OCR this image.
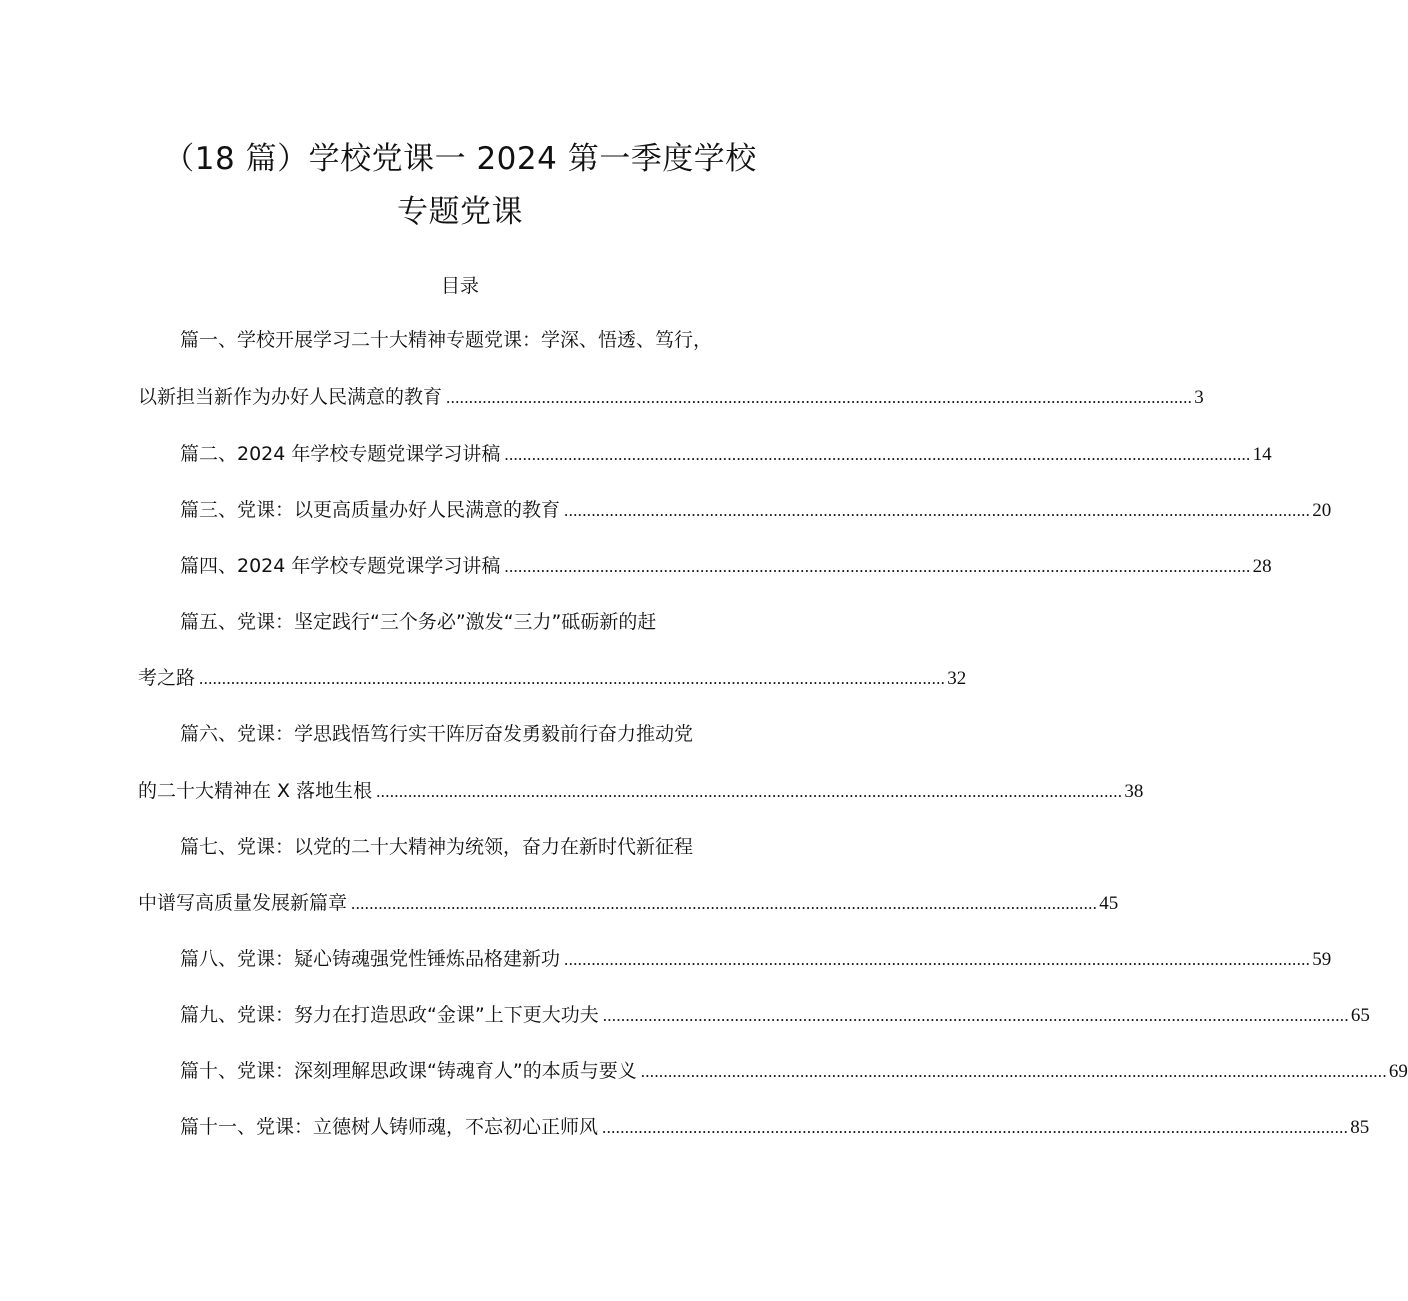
（18 篇）学校党课一 2024 第一季度学校
专题党课
目录
篇一、学校开展学习二十大精神专题党课：学深、悟透、笃行，
以新担当新作为办好人民满意的教育 .................................................................................................................................................................... 3
篇二、2024 年学校专题党课学习讲稿 .................................................................................................................................................................... 14
篇三、党课：以更高质量办好人民满意的教育 .................................................................................................................................................................... 20
篇四、2024 年学校专题党课学习讲稿 .................................................................................................................................................................... 28
篇五、党课：坚定践行“三个务必”激发“三力”砥砺新的赶
考之路 .................................................................................................................................................................... 32
篇六、党课：学思践悟笃行实干阵厉奋发勇毅前行奋力推动党
的二十大精神在 X 落地生根 .................................................................................................................................................................... 38
篇七、党课：以党的二十大精神为统领，奋力在新时代新征程
中谱写高质量发展新篇章 .................................................................................................................................................................... 45
篇八、党课：疑心铸魂强党性锤炼品格建新功 .................................................................................................................................................................... 59
篇九、党课：努力在打造思政“金课”上下更大功夫 .................................................................................................................................................................... 65
篇十、党课：深刻理解思政课“铸魂育人”的本质与要义 .................................................................................................................................................................... 69
篇十一、党课：立德树人铸师魂，不忘初心正师风 .................................................................................................................................................................... 85
